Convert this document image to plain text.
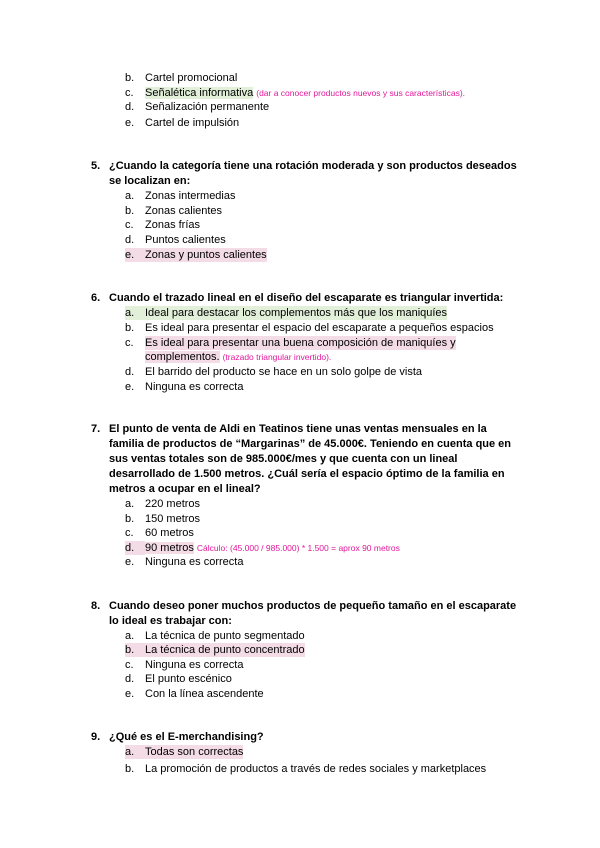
b. Cartel promocional
c.	Señalética informativa (dar a conocer productos nuevos y sus características).
d. Señalización permanente
e. Cartel de impulsión
5. ¿Cuando la categoría tiene una rotación moderada y son productos deseados
se localizan en:
a. Zonas intermedias
b. Zonas calientes
c.	Zonas frías
d. Puntos calientes
e. Zonas y puntos calientes
6. Cuando el trazado lineal en el diseño del escaparate es triangular invertida:
a. Ideal para destacar los complementos más que los maniquíes
b. Es ideal para presentar el espacio del escaparate a pequeños espacios
c.	Es ideal para presentar una buena composición de maniquíes y
complementos. (trazado triangular invertido).
d. El barrido del producto se hace en un solo golpe de vista
e. Ninguna es correcta
7. El punto de venta de Aldi en Teatinos tiene unas ventas mensuales en la
familia de productos de “Margarinas” de 45.000€. Teniendo en cuenta que en
sus ventas totales son de 985.000€/mes y que cuenta con un lineal
desarrollado de 1.500 metros. ¿Cuál sería el espacio óptimo de la familia en
metros a ocupar en el lineal?
a. 220 metros
b. 150 metros
c.	60 metros
d. 90 metros Cálculo: (45.000 / 985.000) * 1.500 = aprox 90 metros
e. Ninguna es correcta
8. Cuando deseo poner muchos productos de pequeño tamaño en el escaparate
lo ideal es trabajar con:
a. La técnica de punto segmentado
b. La técnica de punto concentrado
c.	Ninguna es correcta
d. El punto escénico
e. Con la línea ascendente
9. ¿Qué es el E-merchandising?
a. Todas son correctas
b. La promoción de productos a través de redes sociales y marketplaces
